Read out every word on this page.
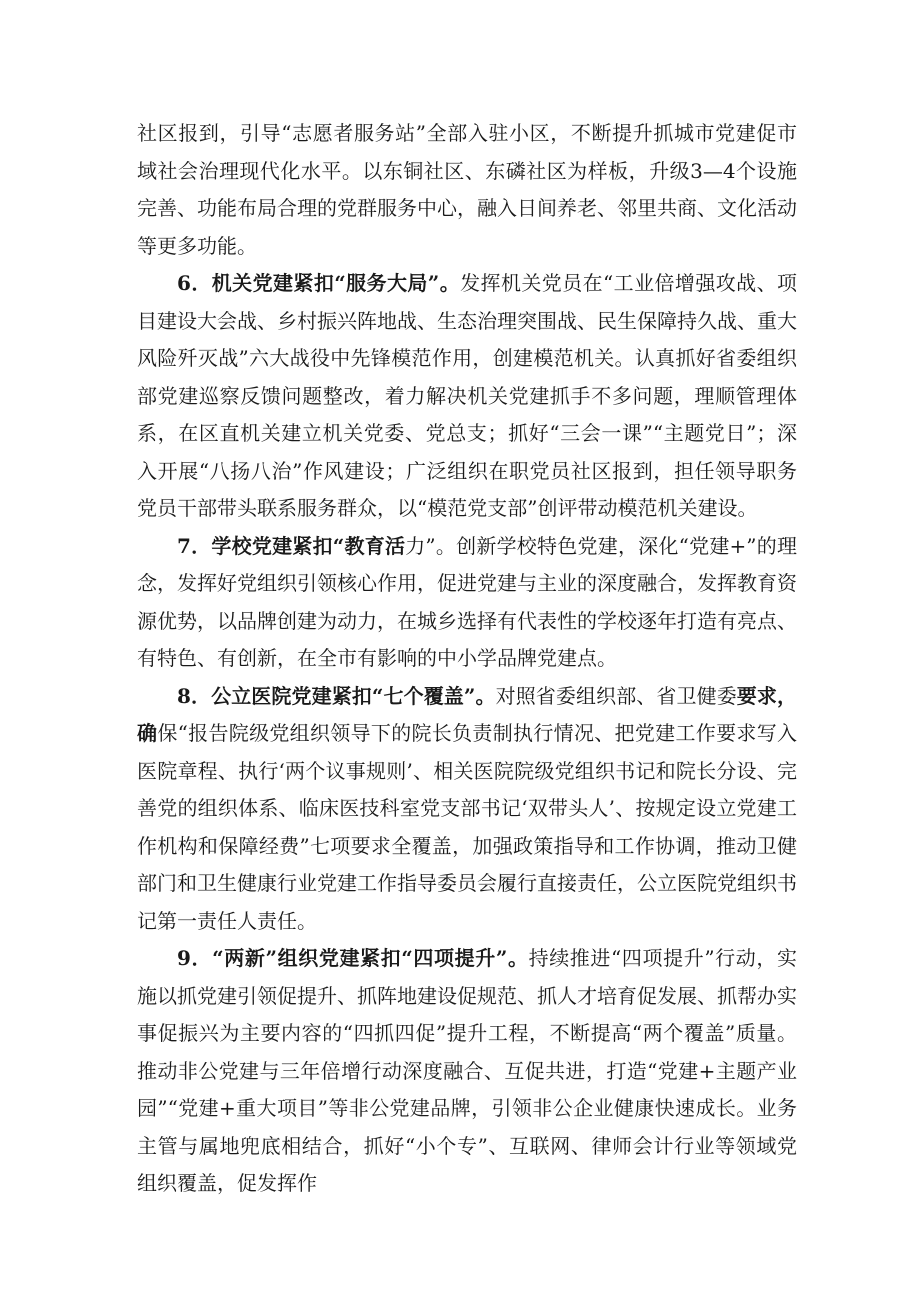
社区报到，引导“志愿者服务站”全部入驻小区，不断提升抓城市党建促市域社会治理现代化水平。以东铜社区、东磷社区为样板，升级3—4个设施完善、功能布局合理的党群服务中心，融入日间养老、邻里共商、文化活动等更多功能。

6．机关党建紧扣“服务大局”。发挥机关党员在“工业倍增强攻战、项目建设大会战、乡村振兴阵地战、生态治理突围战、民生保障持久战、重大风险歼灭战”六大战役中先锋模范作用，创建模范机关。认真抓好省委组织部党建巡察反馈问题整改，着力解决机关党建抓手不多问题，理顺管理体系，在区直机关建立机关党委、党总支；抓好“三会一课”“主题党日”；深入开展“八扬八治”作风建设；广泛组织在职党员社区报到，担任领导职务党员干部带头联系服务群众，以“模范党支部”创评带动模范机关建设。

7．学校党建紧扣“教育活力”。创新学校特色党建，深化“党建+”的理念，发挥好党组织引领核心作用，促进党建与主业的深度融合，发挥教育资源优势，以品牌创建为动力，在城乡选择有代表性的学校逐年打造有亮点、有特色、有创新，在全市有影响的中小学品牌党建点。

8．公立医院党建紧扣“七个覆盖”。对照省委组织部、省卫健委要求，确保“报告院级党组织领导下的院长负责制执行情况、把党建工作要求写入医院章程、执行‘两个议事规则’、相关医院院级党组织书记和院长分设、完善党的组织体系、临床医技科室党支部书记‘双带头人’、按规定设立党建工作机构和保障经费”七项要求全覆盖，加强政策指导和工作协调，推动卫健部门和卫生健康行业党建工作指导委员会履行直接责任，公立医院党组织书记第一责任人责任。

9．“两新”组织党建紧扣“四项提升”。持续推进“四项提升”行动，实施以抓党建引领促提升、抓阵地建设促规范、抓人才培育促发展、抓帮办实事促振兴为主要内容的“四抓四促”提升工程，不断提高“两个覆盖”质量。推动非公党建与三年倍增行动深度融合、互促共进，打造“党建+主题产业园”“党建+重大项目”等非公党建品牌，引领非公企业健康快速成长。业务主管与属地兜底相结合，抓好“小个专”、互联网、律师会计行业等领域党组织覆盖，促发挥作
